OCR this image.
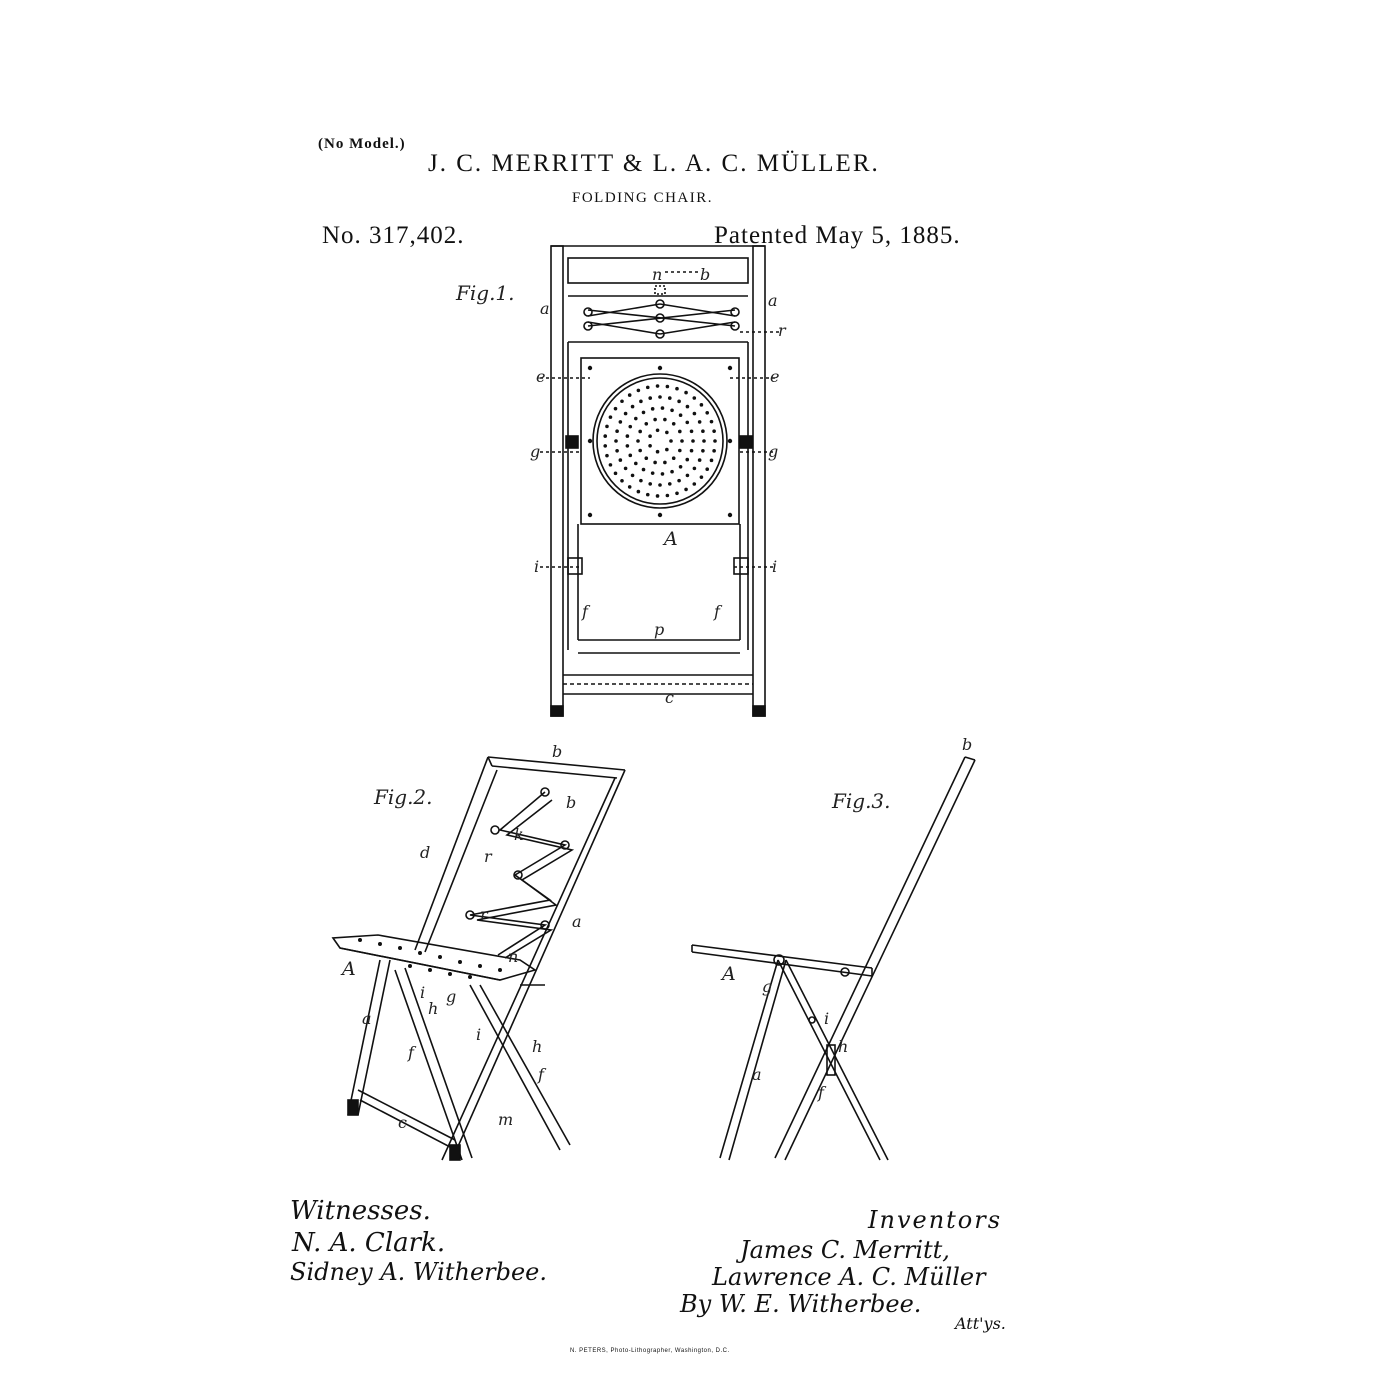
(No Model.)
J. C. MERRITT & L. A. C. MÜLLER.
FOLDING CHAIR.
No. 317,402.	Patented May 5, 1885.
Fig.1.
Fig.2.	Fig.3.
n b
a	a
r
e	e
g	g
A
i	i
f	f
p
c
b
b
k
d	r
r	a
A
n
i g
h
a
f
i
h
f
c	m
b
A
g
i
h
a
f
Witnesses.
N. A. Clark.
Sidney A. Witherbee.
Inventors
James C. Merritt,
Lawrence A. C. Müller
By W. E. Witherbee.
Att'ys.
N. PETERS, Photo-Lithographer, Washington, D.C.
